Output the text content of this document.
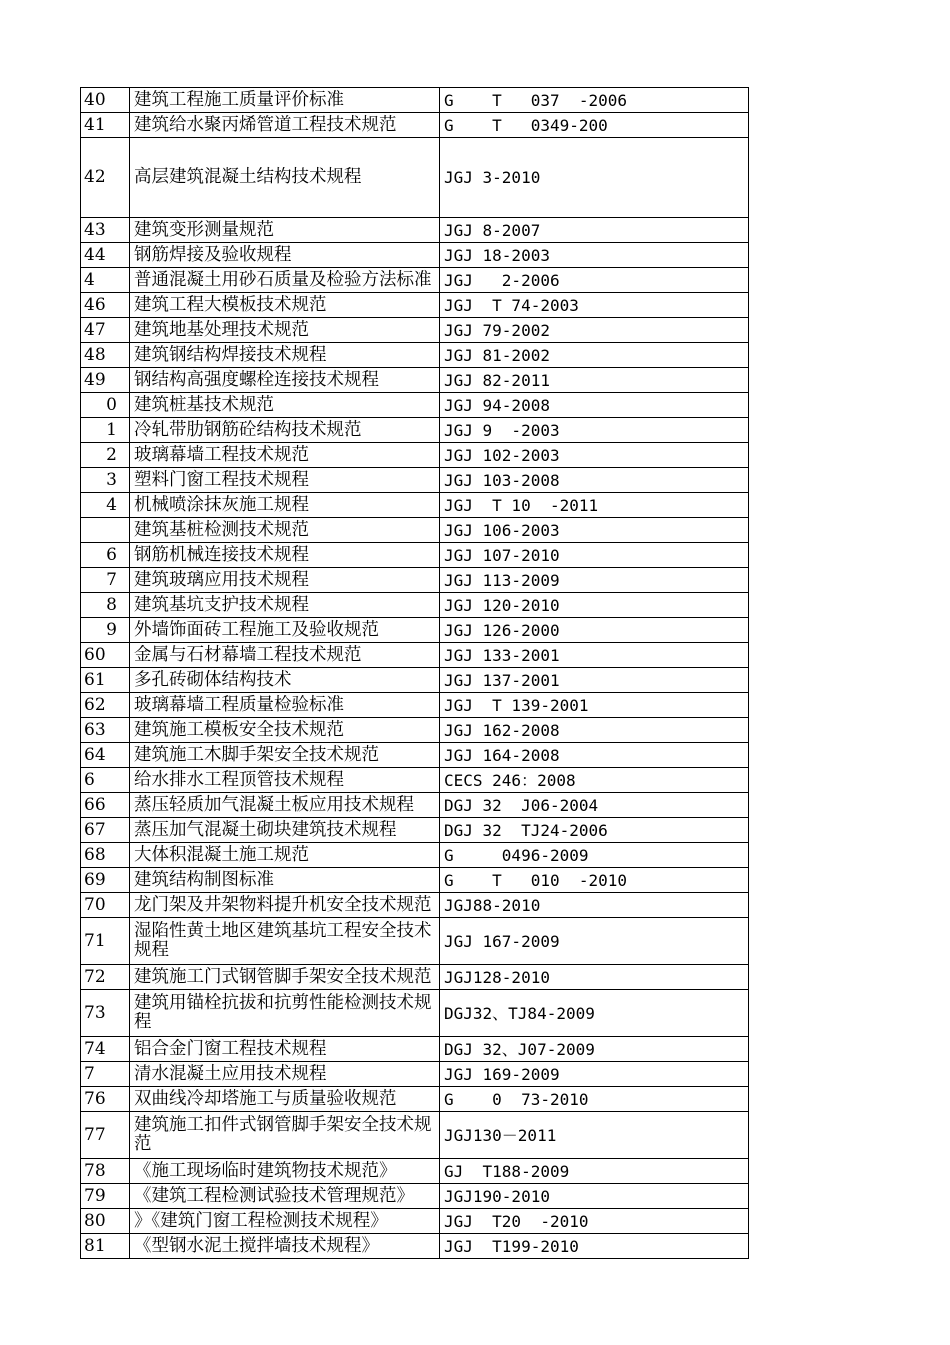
40	建筑工程施工质量评价标准	G    T   037  -2006
41	建筑给水聚丙烯管道工程技术规范	G    T   0349-200
42	高层建筑混凝土结构技术规程	JGJ 3-2010
43	建筑变形测量规范	JGJ 8-2007
44	钢筋焊接及验收规程	JGJ 18-2003
4	普通混凝土用砂石质量及检验方法标准	JGJ   2-2006
46	建筑工程大模板技术规范	JGJ  T 74-2003
47	建筑地基处理技术规范	JGJ 79-2002
48	建筑钢结构焊接技术规程	JGJ 81-2002
49	钢结构高强度螺栓连接技术规程	JGJ 82-2011
0	建筑桩基技术规范	JGJ 94-2008
1	冷轧带肋钢筋砼结构技术规范	JGJ 9  -2003
2	玻璃幕墙工程技术规范	JGJ 102-2003
3	塑料门窗工程技术规程	JGJ 103-2008
4	机械喷涂抹灰施工规程	JGJ  T 10  -2011
	建筑基桩检测技术规范	JGJ 106-2003
6	钢筋机械连接技术规程	JGJ 107-2010
7	建筑玻璃应用技术规程	JGJ 113-2009
8	建筑基坑支护技术规程	JGJ 120-2010
9	外墙饰面砖工程施工及验收规范	JGJ 126-2000
60	金属与石材幕墙工程技术规范	JGJ 133-2001
61	多孔砖砌体结构技术	JGJ 137-2001
62	玻璃幕墙工程质量检验标准	JGJ  T 139-2001
63	建筑施工模板安全技术规范	JGJ 162-2008
64	建筑施工木脚手架安全技术规范	JGJ 164-2008
6	给水排水工程顶管技术规程	CECS 246：2008
66	蒸压轻质加气混凝土板应用技术规程	DGJ 32  J06-2004
67	蒸压加气混凝土砌块建筑技术规程	DGJ 32  TJ24-2006
68	大体积混凝土施工规范	G     0496-2009
69	建筑结构制图标准	G    T   010  -2010
70	龙门架及井架物料提升机安全技术规范	JGJ88-2010
71	湿陷性黄土地区建筑基坑工程安全技术规程	JGJ 167-2009
72	建筑施工门式钢管脚手架安全技术规范	JGJ128-2010
73	建筑用锚栓抗拔和抗剪性能检测技术规程	DGJ32、TJ84-2009
74	铝合金门窗工程技术规程	DGJ 32、J07-2009
7	清水混凝土应用技术规程	JGJ 169-2009
76	双曲线冷却塔施工与质量验收规范	G    0  73-2010
77	建筑施工扣件式钢管脚手架安全技术规范	JGJ130－2011
78	《施工现场临时建筑物技术规范》	GJ  T188-2009
79	《建筑工程检测试验技术管理规范》	JGJ190-2010
80	》《建筑门窗工程检测技术规程》	JGJ  T20  -2010
81	《型钢水泥土搅拌墙技术规程》	JGJ  T199-2010
